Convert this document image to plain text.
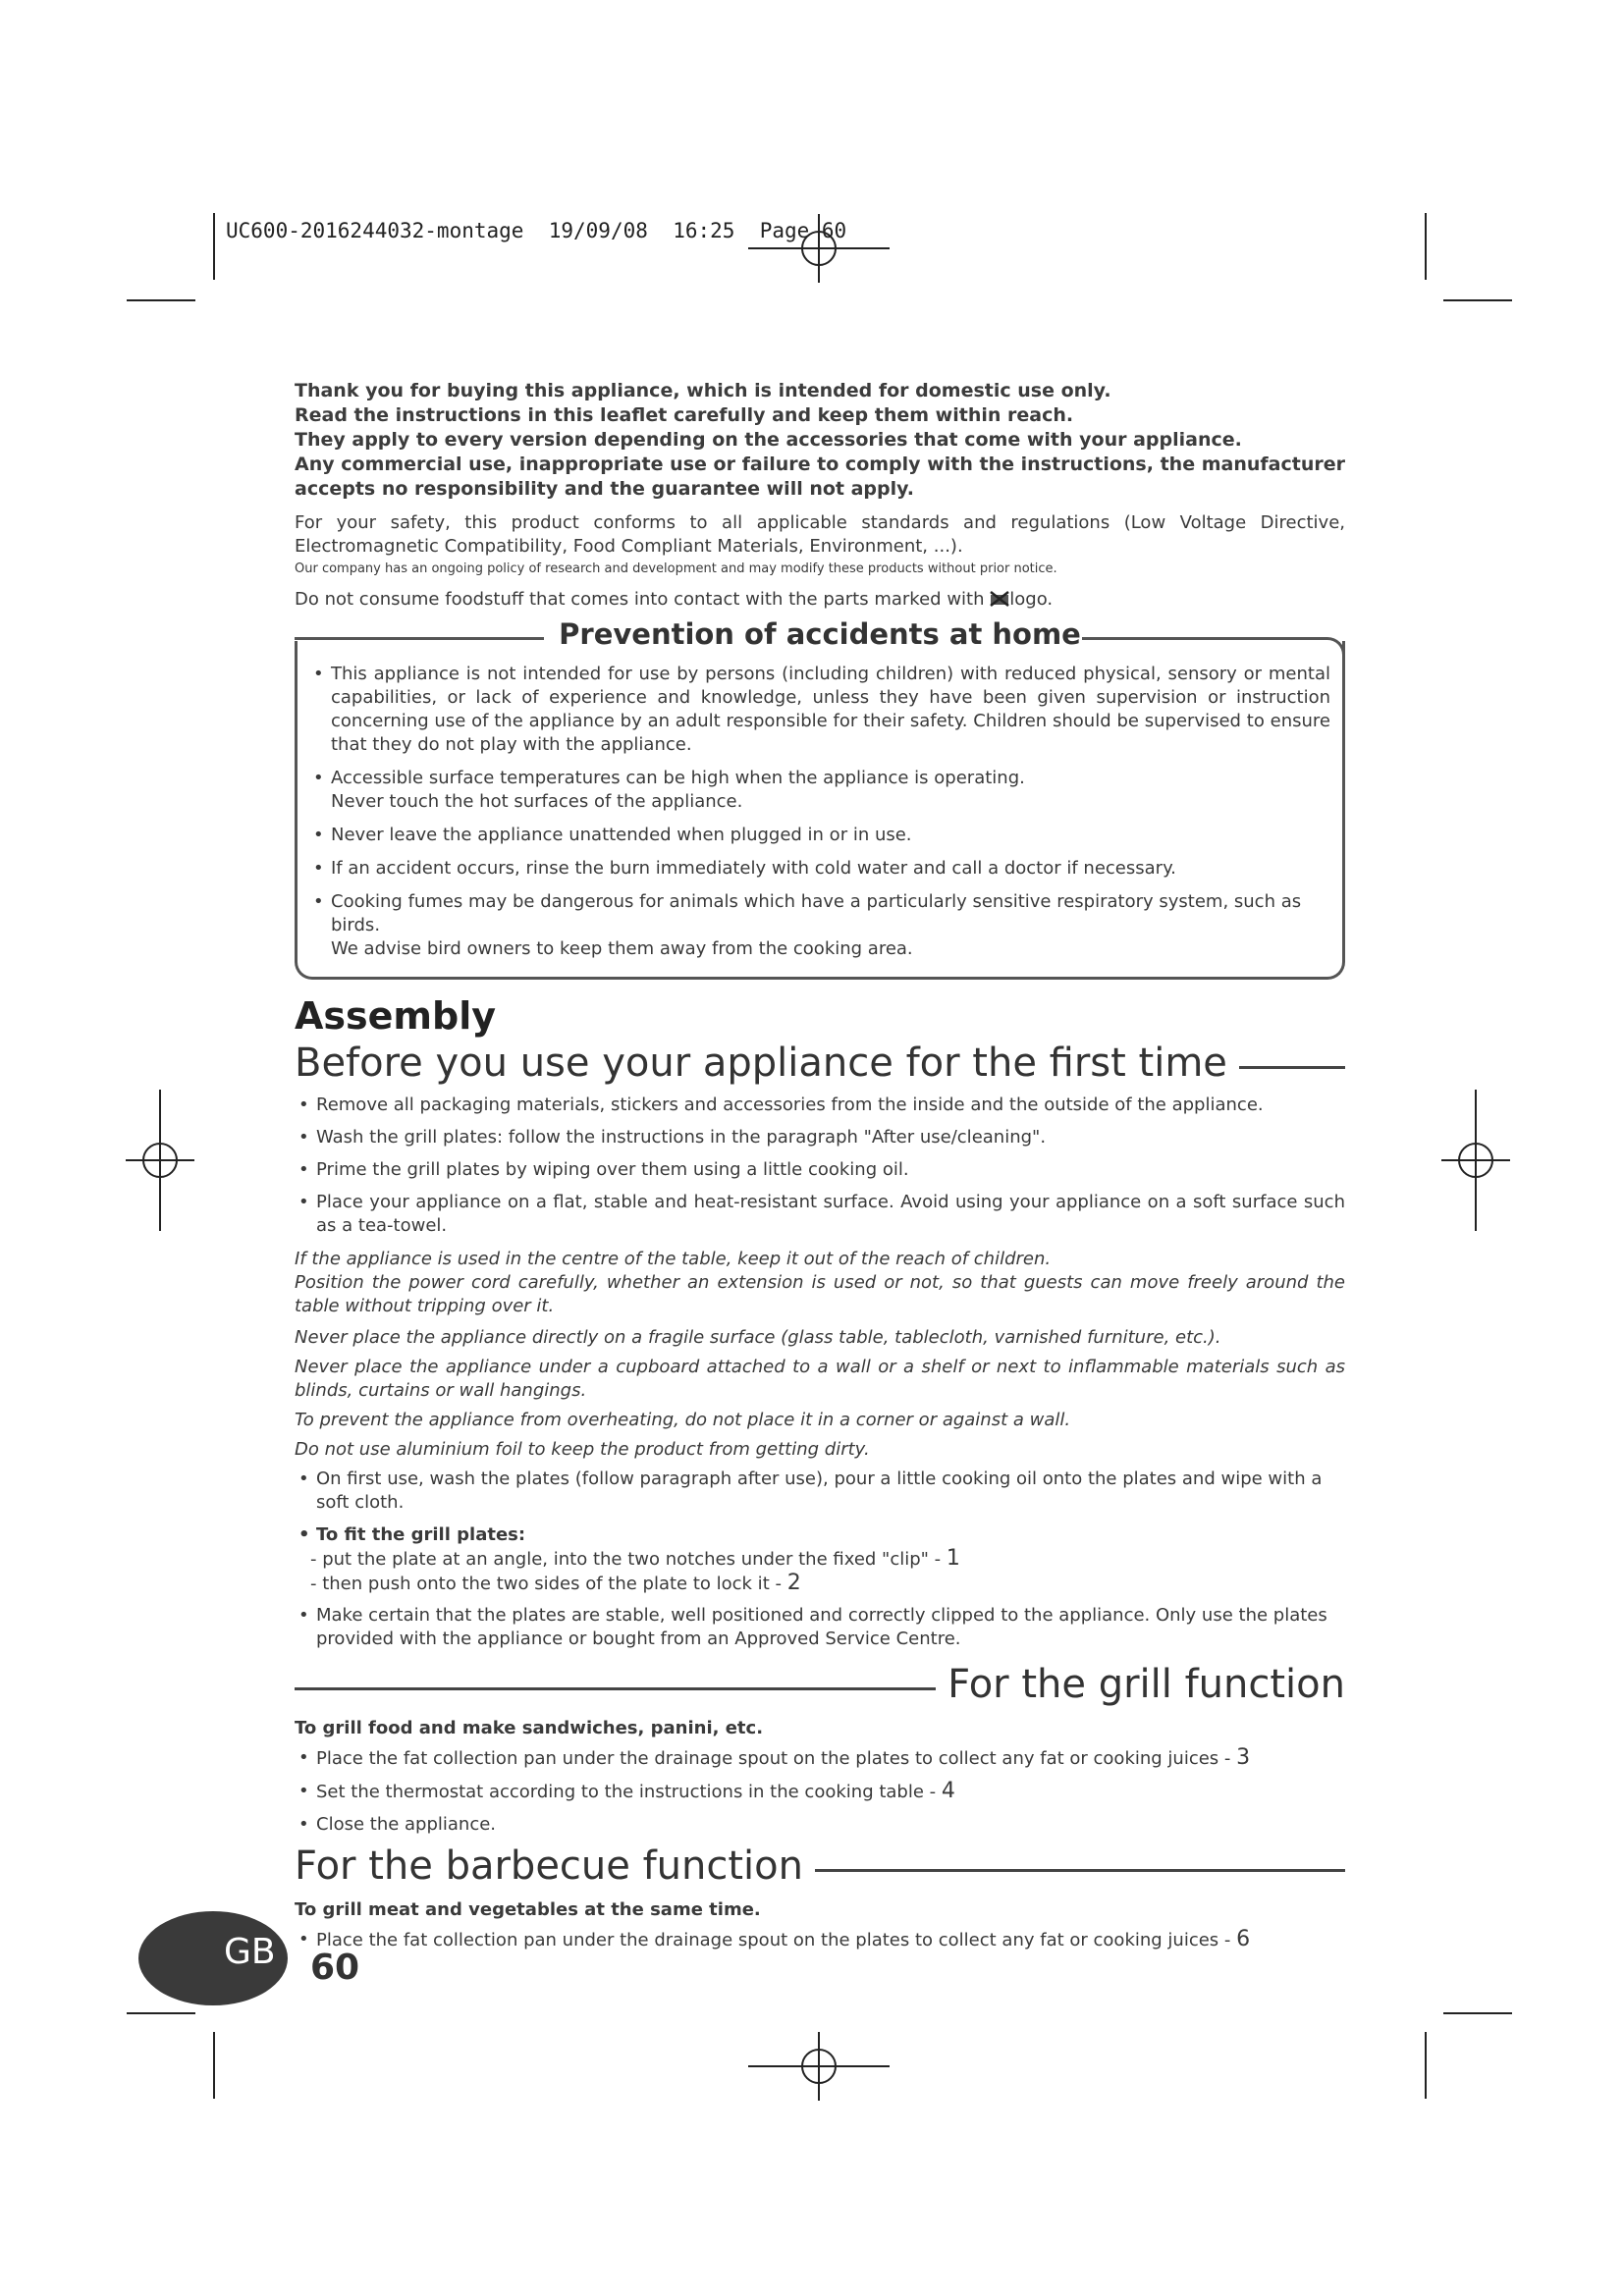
UC600-2016244032-montage 19/09/08 16:25 Page 60

Thank you for buying this appliance, which is intended for domestic use only.

Read the instructions in this leaflet carefully and keep them within reach.

They apply to every version depending on the accessories that come with your appliance.

Any commercial use, inappropriate use or failure to comply with the instructions, the manufacturer accepts no responsibility and the guarantee will not apply.

For your safety, this product conforms to all applicable standards and regulations (Low Voltage Directive, Electromagnetic Compatibility, Food Compliant Materials, Environment, ...).

Our company has an ongoing policy of research and development and may modify these products without prior notice.

Do not consume foodstuff that comes into contact with the parts marked with logo.

Prevention of accidents at home
• This appliance is not intended for use by persons (including children) with reduced physical, sensory or mental capabilities, or lack of experience and knowledge, unless they have been given supervision or instruction concerning use of the appliance by an adult responsible for their safety. Children should be supervised to ensure that they do not play with the appliance.
• Accessible surface temperatures can be high when the appliance is operating.
Never touch the hot surfaces of the appliance.
• Never leave the appliance unattended when plugged in or in use.
• If an accident occurs, rinse the burn immediately with cold water and call a doctor if necessary.
• Cooking fumes may be dangerous for animals which have a particularly sensitive respiratory system, such as birds.
We advise bird owners to keep them away from the cooking area.
Assembly
Before you use your appliance for the first time
• Remove all packaging materials, stickers and accessories from the inside and the outside of the appliance.
• Wash the grill plates: follow the instructions in the paragraph "After use/cleaning".
• Prime the grill plates by wiping over them using a little cooking oil.
• Place your appliance on a flat, stable and heat-resistant surface. Avoid using your appliance on a soft surface such as a tea-towel.

If the appliance is used in the centre of the table, keep it out of the reach of children.

Position the power cord carefully, whether an extension is used or not, so that guests can move freely around the table without tripping over it.

Never place the appliance directly on a fragile surface (glass table, tablecloth, varnished furniture, etc.).

Never place the appliance under a cupboard attached to a wall or a shelf or next to inflammable materials such as blinds, curtains or wall hangings.

To prevent the appliance from overheating, do not place it in a corner or against a wall.

Do not use aluminium foil to keep the product from getting dirty.

• On first use, wash the plates (follow paragraph after use), pour a little cooking oil onto the plates and wipe with a soft cloth.
• To fit the grill plates:
- put the plate at an angle, into the two notches under the fixed "clip" - 1
- then push onto the two sides of the plate to lock it - 2
• Make certain that the plates are stable, well positioned and correctly clipped to the appliance. Only use the plates provided with the appliance or bought from an Approved Service Centre.
For the grill function
To grill food and make sandwiches, panini, etc.
• Place the fat collection pan under the drainage spout on the plates to collect any fat or cooking juices - 3
• Set the thermostat according to the instructions in the cooking table - 4
• Close the appliance.
For the barbecue function
To grill meat and vegetables at the same time.
• Place the fat collection pan under the drainage spout on the plates to collect any fat or cooking juices - 6
GB 60
